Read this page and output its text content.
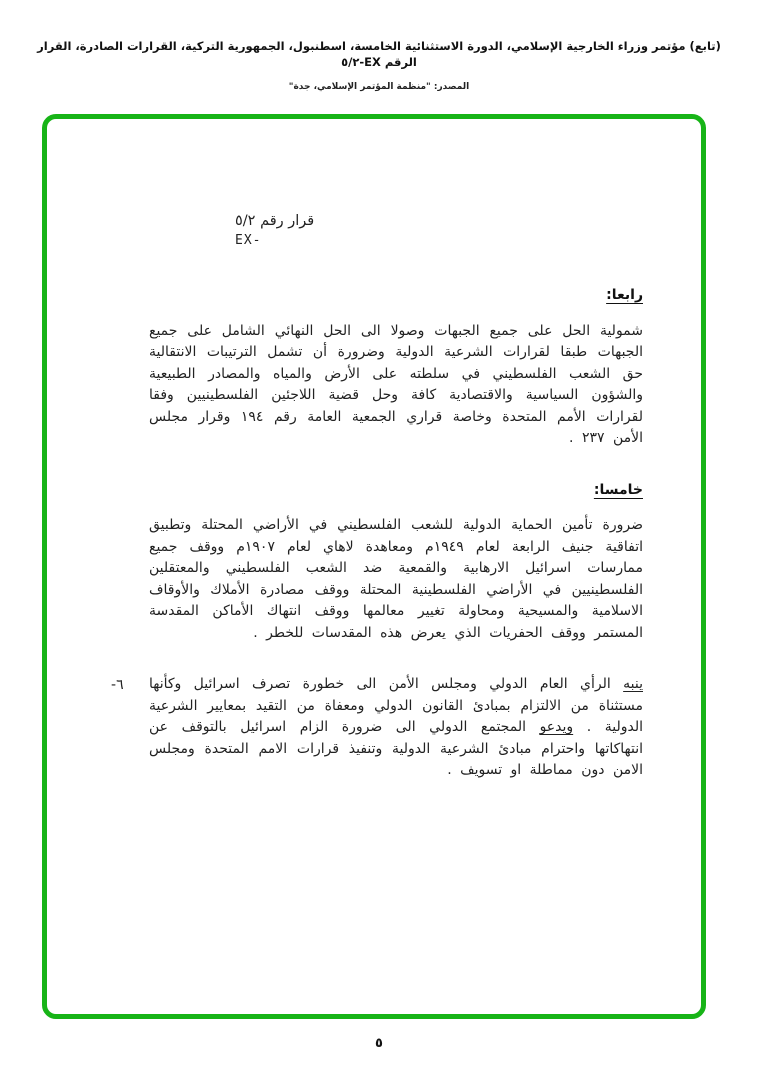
(تابع) مؤتمر وزراء الخارجية الإسلامي، الدورة الاستثنائية الخامسة، اسطنبول، الجمهورية التركية، القرارات الصادرة، القرار الرقم EX-٥/٢
المصدر: "منظمة المؤتمر الإسلامي، جدة"
قرار رقم ٥/٢
EX-
رابعا:

شمولية الحل على جميع الجبهات وصولا الى الحل النهائي الشامل على جميع الجبهات طبقا لقرارات الشرعية الدولية وضرورة أن تشمل الترتيبات الانتقالية حق الشعب الفلسطيني في سلطته على الأرض والمياه والمصادر الطبيعية والشؤون السياسية والاقتصادية كافة وحل قضية اللاجئين الفلسطينيين وفقا لقرارات الأمم المتحدة وخاصة قراري الجمعية العامة رقم ١٩٤ وقرار مجلس الأمن ٢٣٧ .

خامسا:

ضرورة تأمين الحماية الدولية للشعب الفلسطيني في الأراضي المحتلة وتطبيق اتفاقية جنيف الرابعة لعام ١٩٤٩م ومعاهدة لاهاي لعام ١٩٠٧م ووقف جميع ممارسات اسرائيل الارهابية والقمعية ضد الشعب الفلسطيني والمعتقلين الفلسطينيين في الأراضي الفلسطينية المحتلة ووقف مصادرة الأملاك والأوقاف الاسلامية والمسيحية ومحاولة تغيير معالمها ووقف انتهاك الأماكن المقدسة المستمر ووقف الحفريات الذي يعرض هذه المقدسات للخطر .

-٦	ينبه الرأي العام الدولي ومجلس الأمن الى خطورة تصرف اسرائيل وكأنها مستثناة من الالتزام بمبادئ القانون الدولي ومعفاة من التقيد بمعايير الشرعية الدولية . ويدعو المجتمع الدولي الى ضرورة الزام اسرائيل بالتوقف عن انتهاكاتها واحترام مبادئ الشرعية الدولية وتنفيذ قرارات الامم المتحدة ومجلس الامن دون مماطلة او تسويف .

٥
